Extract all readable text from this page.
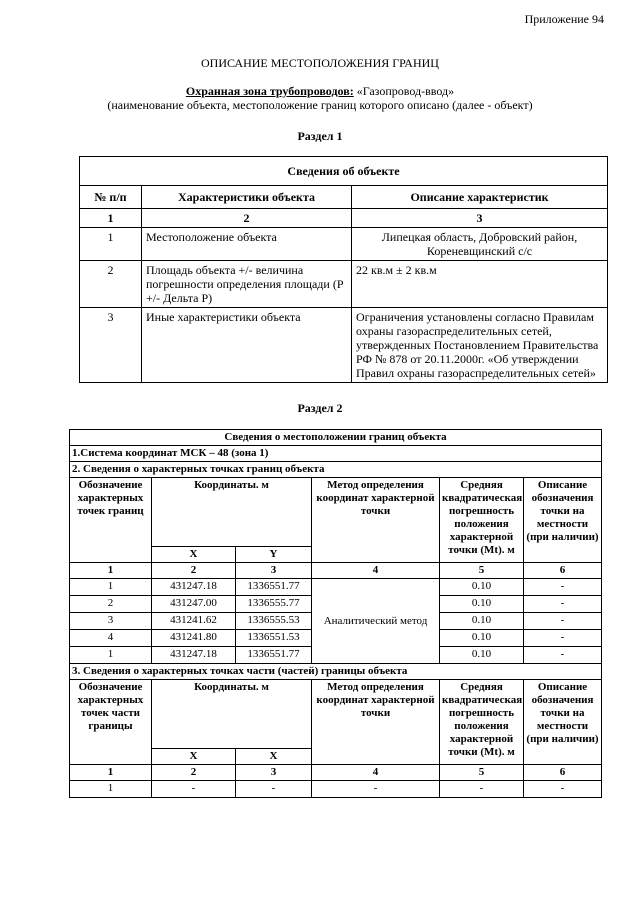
Приложение 94
ОПИСАНИЕ МЕСТОПОЛОЖЕНИЯ ГРАНИЦ
Охранная зона трубопроводов: «Газопровод-ввод»
(наименование объекта, местоположение границ которого описано (далее - объект)
Раздел 1
Сведения об объекте		
№ п/п	Характеристики объекта	Описание характеристик
1	2	3
1	Местоположение объекта	Липецкая область, Добровский район, Кореневщинский с/с
2	Площадь объекта +/- величина погрешности определения площади (Р +/- Дельта Р)	22 кв.м ± 2 кв.м
3	Иные характеристики объекта	Ограничения установлены согласно Правилам охраны газораспределительных сетей, утвержденных Постановлением Правительства РФ № 878 от 20.11.2000г. «Об утверждении Правил охраны газораспределительных сетей»
Раздел 2
Сведения о местоположении границ объекта					
1.Система координат МСК – 48 (зона 1)					
2. Сведения о характерных точках границ объекта					
Обозначение характерных точек границ	Координаты. м		Метод определения координат характерной точки	Средняя квадратическая погрешность положения характерной точки (Mt). м	Описание обозначения точки на местности (при наличии)
	X	Y			
1	2	3	4	5	6
1	431247.18	1336551.77	Аналитический метод	0.10	-
2	431247.00	1336555.77		0.10	-
3	431241.62	1336555.53		0.10	-
4	431241.80	1336551.53		0.10	-
1	431247.18	1336551.77		0.10	-
3. Сведения о характерных точках части (частей) границы объекта					
Обозначение характерных точек части границы	Координаты. м		Метод определения координат характерной точки	Средняя квадратическая погрешность положения характерной точки (Mt). м	Описание обозначения точки на местности (при наличии)
	X	X			
1	2	3	4	5	6
1	-	-	-	-	-
